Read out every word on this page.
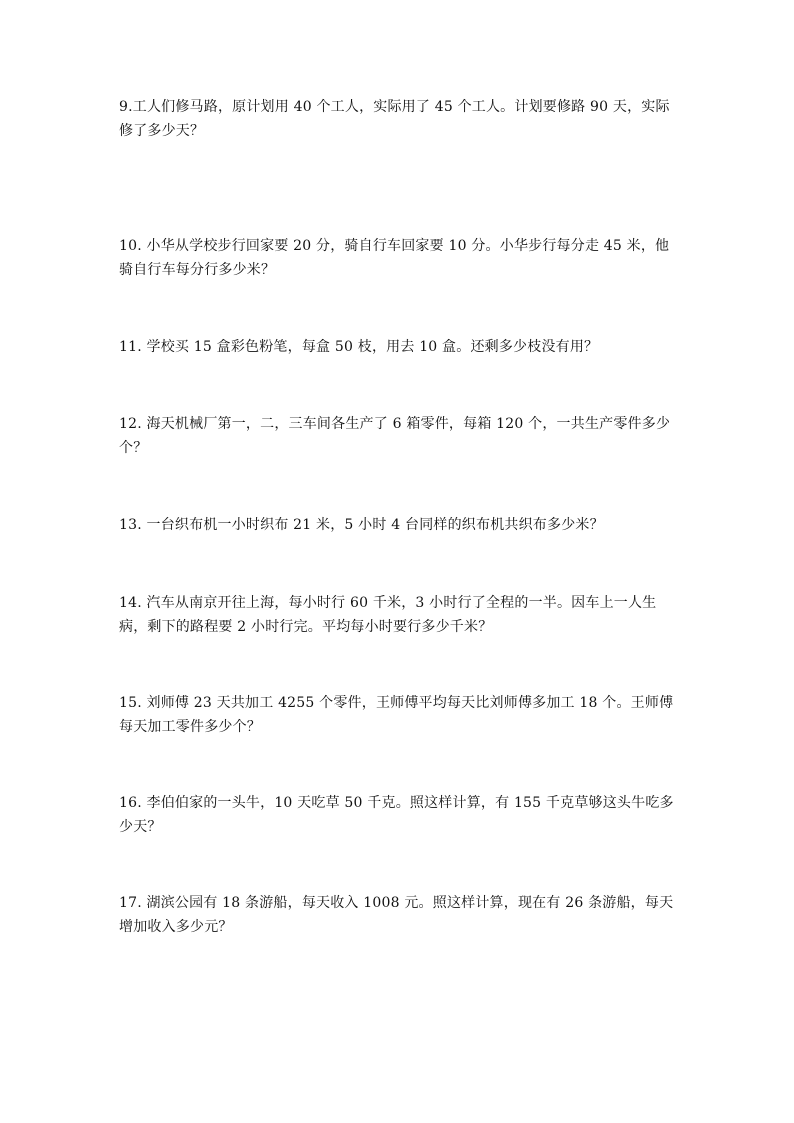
9.工人们修马路，原计划用 40 个工人，实际用了 45 个工人。计划要修路 90 天，实际修了多少天？

10. 小华从学校步行回家要 20 分，骑自行车回家要 10 分。小华步行每分走 45 米，他骑自行车每分行多少米？

11. 学校买 15 盒彩色粉笔，每盒 50 枝，用去 10 盒。还剩多少枝没有用？

12. 海天机械厂第一，二，三车间各生产了 6 箱零件，每箱 120 个，一共生产零件多少个？

13. 一台织布机一小时织布 21 米，5 小时 4 台同样的织布机共织布多少米？

14. 汽车从南京开往上海，每小时行 60 千米，3 小时行了全程的一半。因车上一人生病，剩下的路程要 2 小时行完。平均每小时要行多少千米？

15. 刘师傅 23 天共加工 4255 个零件，王师傅平均每天比刘师傅多加工 18 个。王师傅每天加工零件多少个？

16. 李伯伯家的一头牛，10 天吃草 50 千克。照这样计算，有 155 千克草够这头牛吃多少天？

17. 湖滨公园有 18 条游船，每天收入 1008 元。照这样计算，现在有 26 条游船，每天增加收入多少元？
